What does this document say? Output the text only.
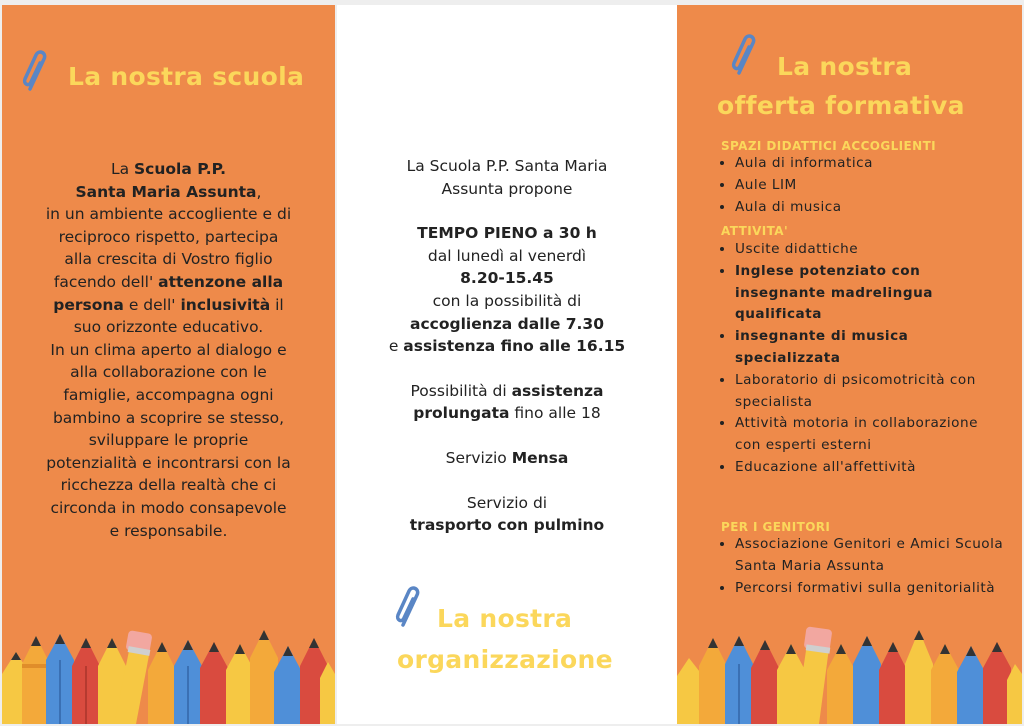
La nostra scuola
La Scuola P.P.
Santa Maria Assunta,
in un ambiente accogliente e di
reciproco rispetto, partecipa
alla crescita di Vostro figlio
facendo dell' attenzone alla
persona e dell' inclusività il
suo orizzonte educativo.
In un clima aperto al dialogo e
alla collaborazione con le
famiglie, accompagna ogni
bambino a scoprire se stesso,
sviluppare le proprie
potenzialità e incontrarsi con la
ricchezza della realtà che ci
circonda in modo consapevole
e responsabile.
La Scuola P.P. Santa Maria
Assunta propone
TEMPO PIENO a 30 h
dal lunedì al venerdì
8.20-15.45
con la possibilità di
accoglienza dalle 7.30
e assistenza fino alle 16.15
Possibilità di assistenza
prolungata fino alle 18
Servizio Mensa
Servizio di
trasporto con pulmino
La nostra
organizzazione
La nostra
offerta formativa
SPAZI DIDATTICI ACCOGLIENTI
• Aula di informatica
• Aule LIM
• Aula di musica
ATTIVITA'
• Uscite didattiche
• Inglese potenziato con insegnante madrelingua qualificata
• insegnante di musica specializzata
• Laboratorio di psicomotricità con specialista
• Attività motoria in collaborazione con esperti esterni
• Educazione all'affettività
PER I GENITORI
• Associazione Genitori e Amici Scuola Santa Maria Assunta
• Percorsi formativi sulla genitorialità
